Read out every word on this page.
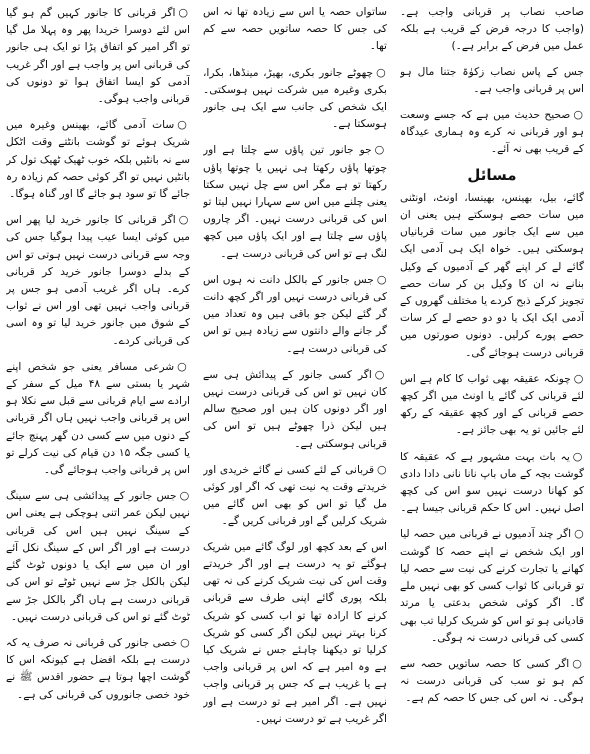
صاحب نصاب پر قربانی واجب ہے۔ (واجب کا درجہ فرض کے قریب ہے بلکہ عمل میں فرض کے برابر ہے۔)

جس کے پاس نصاب زکوٰۃ جتنا مال ہو اس پر قربانی واجب ہے۔

○صحیح حدیث میں ہے کہ جسے وسعت ہو اور قربانی نہ کرے وہ ہماری عیدگاہ کے قریب بھی نہ آئے۔

مسائل

گائے، بیل، بھینس، بھینسا، اونٹ، اونٹنی میں سات حصے ہوسکتے ہیں یعنی ان میں سے ایک جانور میں سات قربانیاں ہوسکتی ہیں۔ خواہ ایک ہی آدمی ایک گائے لے کر اپنے گھر کے آدمیوں کے وکیل بنانے نہ ان کا وکیل بن کر سات حصے تجویز کرکے ذبح کردے یا مختلف گھروں کے آدمی ایک ایک یا دو دو حصے لے کر سات حصے پورے کرلیں۔ دونوں صورتوں میں قربانی درست ہوجائے گی۔

○چونکہ عقیقہ بھی ثواب کا کام ہے اس لئے قربانی کی گائے یا اونٹ میں اگر کچھ حصے قربانی کے اور کچھ عقیقہ کے رکھ لئے جائیں تو یہ بھی جائز ہے۔

○یہ بات بہت مشہور ہے کہ عقیقہ کا گوشت بچہ کے ماں باپ نانا نانی دادا دادی کو کھانا درست نہیں سو اس کی کچھ اصل نہیں۔ اس کا حکم قربانی جیسا ہے۔

○اگر چند آدمیوں نے قربانی میں حصہ لیا اور ایک شخص نے اپنے حصہ کا گوشت کھانے یا تجارت کرنے کی نیت سے حصہ لیا تو قربانی کا ثواب کسی کو بھی نہیں ملے گا۔ اگر کوئی شخص بدعتی یا مرتد قادیانی ہو تو اس کو شریک کرلیا تب بھی کسی کی قربانی درست نہ ہوگی۔

○اگر کسی کا حصہ ساتویں حصہ سے کم ہو تو سب کی قربانی درست نہ ہوگی۔ نہ اس کی جس کا حصہ کم ہے۔

ساتواں حصہ یا اس سے زیادہ تھا نہ اس کی جس کا حصہ ساتویں حصہ سے کم تھا۔

○چھوٹے جانور بکری، بھیڑ، مینڈھا، بکرا، بکری وغیرہ میں شرکت نہیں ہوسکتی۔ ایک شخص کی جانب سے ایک ہی جانور ہوسکتا ہے۔

○جو جانور تین پاؤں سے چلتا ہے اور چوتھا پاؤں رکھتا ہی نہیں یا چوتھا پاؤں رکھتا تو ہے مگر اس سے چل نہیں سکتا یعنی چلنے میں اس سے سہارا نہیں لیتا تو اس کی قربانی درست نہیں۔ اگر چاروں پاؤں سے چلتا ہے اور ایک پاؤں میں کچھ لنگ ہے تو اس کی قربانی درست ہے۔

○جس جانور کے بالکل دانت نہ ہوں اس کی قربانی درست نہیں اور اگر کچھ دانت گر گئے لیکن جو باقی ہیں وہ تعداد میں گر جانے والے دانتوں سے زیادہ ہیں تو اس کی قربانی درست ہے۔

○اگر کسی جانور کے پیدائش ہی سے کان نہیں تو اس کی قربانی درست نہیں اور اگر دونوں کان ہیں اور صحیح سالم ہیں لیکن ذرا چھوٹے ہیں تو اس کی قربانی ہوسکتی ہے۔

○قربانی کے لئے کسی نے گائے خریدی اور خریدتے وقت یہ نیت تھی کہ اگر اور کوئی مل گیا تو اس کو بھی اس گائے میں شریک کرلیں گے اور قربانی کریں گے۔

اس کے بعد کچھ اور لوگ گائے میں شریک ہوگئے تو یہ درست ہے اور اگر خریدتے وقت اس کی نیت شریک کرنے کی نہ تھی بلکہ پوری گائے اپنی طرف سے قربانی کرنے کا ارادہ تھا تو اب کسی کو شریک کرنا بہتر نہیں لیکن اگر کسی کو شریک کرلیا تو دیکھنا چاہئے جس نے شریک کیا ہے وہ امیر ہے کہ اس پر قربانی واجب ہے یا غریب ہے کہ جس پر قربانی واجب نہیں ہے۔ اگر امیر ہے تو درست ہے اور اگر غریب ہے تو درست نہیں۔

○اگر قربانی کا جانور کہیں گم ہو گیا اس لئے دوسرا خریدا پھر وہ پہلا مل گیا تو اگر امیر کو اتفاق پڑا تو ایک ہی جانور کی قربانی اس پر واجب ہے اور اگر غریب آدمی کو ایسا اتفاق ہوا تو دونوں کی قربانی واجب ہوگی۔

○سات آدمی گائے، بھینس وغیرہ میں شریک ہوئے تو گوشت بانٹتے وقت اٹکل سے نہ بانٹیں بلکہ خوب ٹھیک ٹھیک تول کر بانٹیں نہیں تو اگر کوئی حصہ کم زیادہ رہ جائے گا تو سود ہو جائے گا اور گناہ ہوگا۔

○اگر قربانی کا جانور خرید لیا پھر اس میں کوئی ایسا عیب پیدا ہوگیا جس کی وجہ سے قربانی درست نہیں ہوتی تو اس کے بدلے دوسرا جانور خرید کر قربانی کرے۔ ہاں اگر غریب آدمی ہو جس پر قربانی واجب نہیں تھی اور اس نے ثواب کے شوق میں جانور خرید لیا تو وہ اسی کی قربانی کردے۔

○شرعی مسافر یعنی جو شخص اپنے شہر یا بستی سے ۴۸ میل کے سفر کے ارادے سے ایام قربانی سے قبل سے نکلا ہو اس پر قربانی واجب نہیں ہاں اگر قربانی کے دنوں میں سے کسی دن گھر پہنچ جائے یا کسی جگہ ۱۵ دن قیام کی نیت کرلے تو اس پر قربانی واجب ہوجائے گی۔

○جس جانور کے پیدائشی ہی سے سینگ نہیں لیکن عمر اتنی ہوچکی ہے یعنی اس کے سینگ نہیں ہیں اس کی قربانی درست ہے اور اگر اس کے سینگ نکل آئے اور ان میں سے ایک یا دونوں ٹوٹ گئے لیکن بالکل جڑ سے نہیں ٹوٹے تو اس کی قربانی درست ہے ہاں اگر بالکل جڑ سے ٹوٹ گئے تو اس کی قربانی درست نہیں۔

○خصی جانور کی قربانی نہ صرف یہ کہ درست ہے بلکہ افضل ہے کیونکہ اس کا گوشت اچھا ہوتا ہے حضور اقدس ﷺ نے خود خصی جانوروں کی قربانی کی ہے۔
